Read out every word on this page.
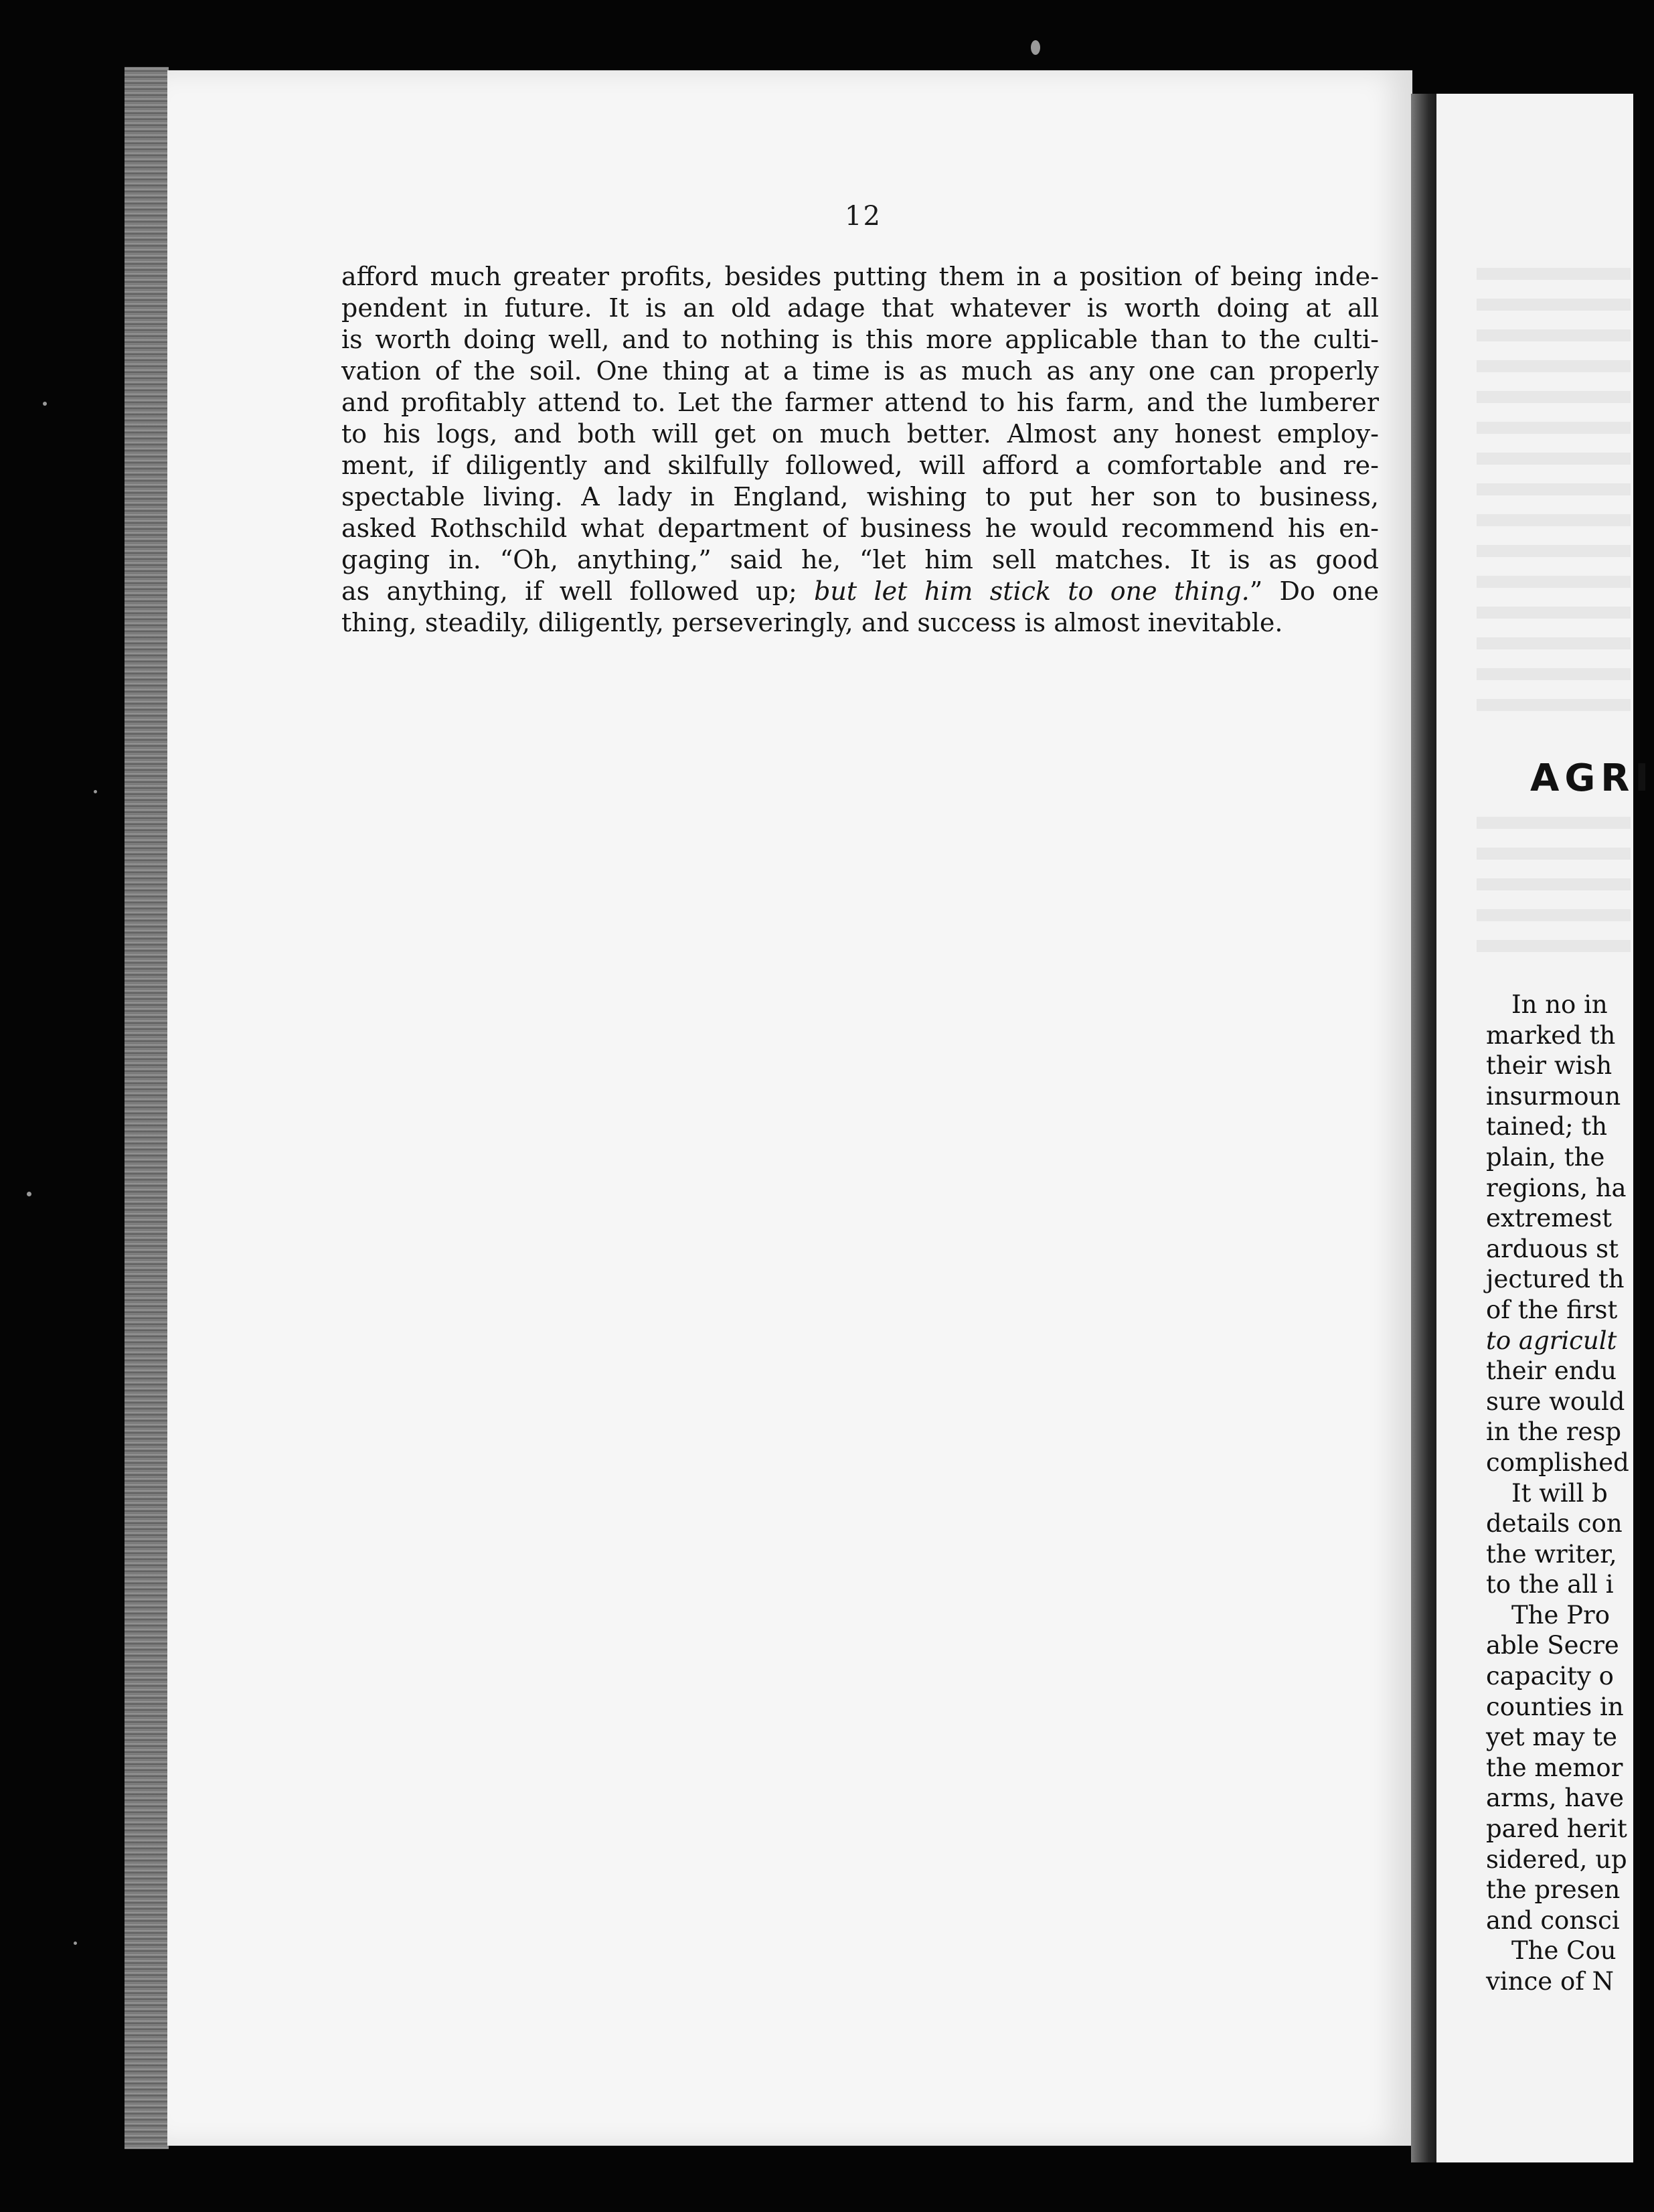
12
afford much greater profits, besides putting them in a position of being inde-
pendent in future. It is an old adage that whatever is worth doing at all
is worth doing well, and to nothing is this more applicable than to the culti-
vation of the soil. One thing at a time is as much as any one can properly
and profitably attend to. Let the farmer attend to his farm, and the lumberer
to his logs, and both will get on much better. Almost any honest employ-
ment, if diligently and skilfully followed, will afford a comfortable and re-
spectable living. A lady in England, wishing to put her son to business,
asked Rothschild what department of business he would recommend his en-
gaging in. “Oh, anything,” said he, “let him sell matches. It is as good
as anything, if well followed up; but let him stick to one thing.” Do one
thing, steadily, diligently, perseveringly, and success is almost inevitable.
AGRI
In no in
marked th
their wish
insurmoun
tained; th
plain, the
regions, ha
extremest
arduous st
jectured th
of the first
to agricult
their endu
sure would
in the resp
complished
It will b
details con
the writer,
to the all i
The Pro
able Secre
capacity o
counties in
yet may te
the memor
arms, have
pared herit
sidered, up
the presen
and consci
The Cou
vince of N
